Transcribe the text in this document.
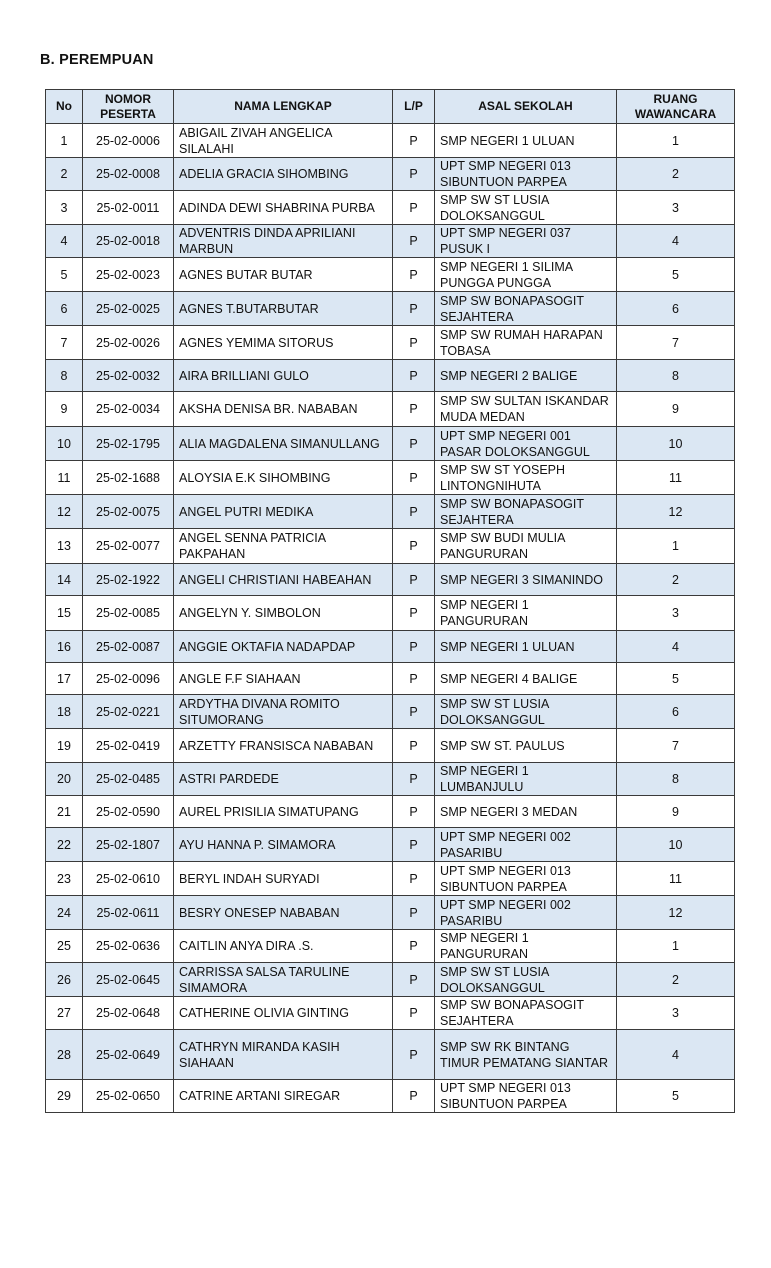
B. PEREMPUAN
No	NOMOR PESERTA	NAMA LENGKAP	L/P	ASAL SEKOLAH	RUANG WAWANCARA
1	25-02-0006	ABIGAIL ZIVAH ANGELICA SILALAHI	P	SMP NEGERI 1 ULUAN	1
2	25-02-0008	ADELIA GRACIA SIHOMBING	P	UPT SMP NEGERI 013 SIBUNTUON PARPEA	2
3	25-02-0011	ADINDA DEWI SHABRINA PURBA	P	SMP SW ST LUSIA DOLOKSANGGUL	3
4	25-02-0018	ADVENTRIS DINDA APRILIANI MARBUN	P	UPT SMP NEGERI 037 PUSUK I	4
5	25-02-0023	AGNES BUTAR BUTAR	P	SMP NEGERI 1 SILIMA PUNGGA PUNGGA	5
6	25-02-0025	AGNES T.BUTARBUTAR	P	SMP SW BONAPASOGIT SEJAHTERA	6
7	25-02-0026	AGNES YEMIMA SITORUS	P	SMP SW RUMAH HARAPAN TOBASA	7
8	25-02-0032	AIRA BRILLIANI GULO	P	SMP NEGERI 2 BALIGE	8
9	25-02-0034	AKSHA DENISA BR. NABABAN	P	SMP SW SULTAN ISKANDAR MUDA MEDAN	9
10	25-02-1795	ALIA MAGDALENA SIMANULLANG	P	UPT SMP NEGERI 001 PASAR DOLOKSANGGUL	10
11	25-02-1688	ALOYSIA E.K SIHOMBING	P	SMP SW ST YOSEPH LINTONGNIHUTA	11
12	25-02-0075	ANGEL PUTRI MEDIKA	P	SMP SW BONAPASOGIT SEJAHTERA	12
13	25-02-0077	ANGEL SENNA PATRICIA PAKPAHAN	P	SMP SW BUDI MULIA PANGURURAN	1
14	25-02-1922	ANGELI CHRISTIANI HABEAHAN	P	SMP NEGERI 3 SIMANINDO	2
15	25-02-0085	ANGELYN Y. SIMBOLON	P	SMP NEGERI 1 PANGURURAN	3
16	25-02-0087	ANGGIE OKTAFIA NADAPDAP	P	SMP NEGERI 1 ULUAN	4
17	25-02-0096	ANGLE F.F SIAHAAN	P	SMP NEGERI 4 BALIGE	5
18	25-02-0221	ARDYTHA DIVANA ROMITO SITUMORANG	P	SMP SW ST LUSIA DOLOKSANGGUL	6
19	25-02-0419	ARZETTY FRANSISCA NABABAN	P	SMP SW ST. PAULUS	7
20	25-02-0485	ASTRI PARDEDE	P	SMP NEGERI 1 LUMBANJULU	8
21	25-02-0590	AUREL PRISILIA SIMATUPANG	P	SMP NEGERI 3 MEDAN	9
22	25-02-1807	AYU HANNA P. SIMAMORA	P	UPT SMP NEGERI 002 PASARIBU	10
23	25-02-0610	BERYL INDAH SURYADI	P	UPT SMP NEGERI 013 SIBUNTUON PARPEA	11
24	25-02-0611	BESRY ONESEP NABABAN	P	UPT SMP NEGERI 002 PASARIBU	12
25	25-02-0636	CAITLIN ANYA DIRA .S.	P	SMP NEGERI 1 PANGURURAN	1
26	25-02-0645	CARRISSA SALSA TARULINE SIMAMORA	P	SMP SW ST LUSIA DOLOKSANGGUL	2
27	25-02-0648	CATHERINE OLIVIA GINTING	P	SMP SW BONAPASOGIT SEJAHTERA	3
28	25-02-0649	CATHRYN MIRANDA KASIH SIAHAAN	P	SMP SW RK BINTANG TIMUR PEMATANG SIANTAR	4
29	25-02-0650	CATRINE ARTANI SIREGAR	P	UPT SMP NEGERI 013 SIBUNTUON PARPEA	5
